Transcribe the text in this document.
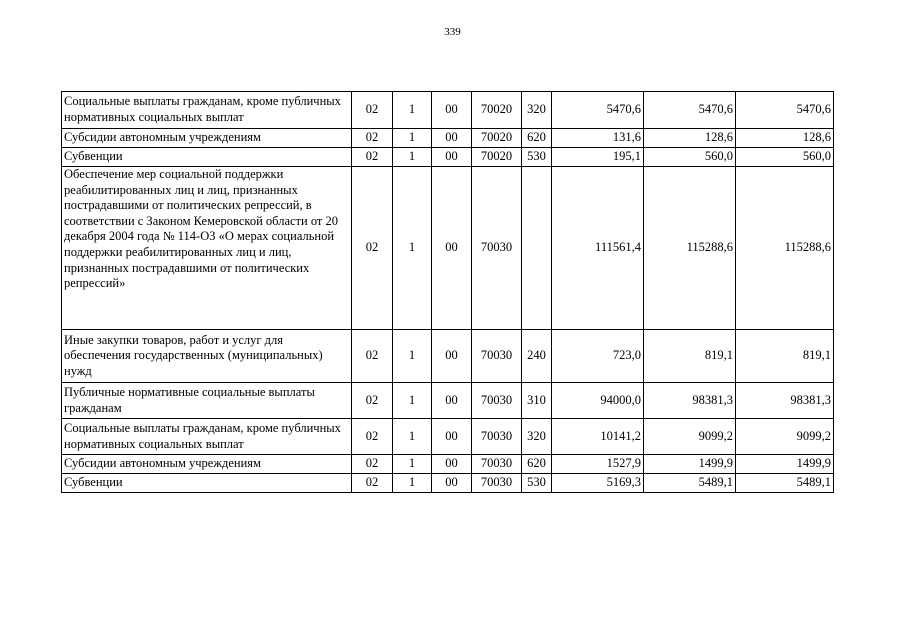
339
Социальные выплаты гражданам, кроме публичных нормативных социальных выплат	02	1	00	70020	320	5470,6	5470,6	5470,6
Субсидии автономным учреждениям	02	1	00	70020	620	131,6	128,6	128,6
Субвенции	02	1	00	70020	530	195,1	560,0	560,0
Обеспечение мер социальной поддержки реабилитированных лиц и лиц, признанных пострадавшими от политических репрессий, в соответствии с Законом Кемеровской области от 20 декабря 2004 года № 114-ОЗ «О мерах социальной поддержки реабилитированных лиц и лиц, признанных пострадавшими от политических репрессий»	02	1	00	70030		111561,4	115288,6	115288,6
Иные закупки товаров, работ и услуг для обеспечения государственных (муниципальных) нужд	02	1	00	70030	240	723,0	819,1	819,1
Публичные нормативные социальные выплаты гражданам	02	1	00	70030	310	94000,0	98381,3	98381,3
Социальные выплаты гражданам, кроме публичных нормативных социальных выплат	02	1	00	70030	320	10141,2	9099,2	9099,2
Субсидии автономным учреждениям	02	1	00	70030	620	1527,9	1499,9	1499,9
Субвенции	02	1	00	70030	530	5169,3	5489,1	5489,1
